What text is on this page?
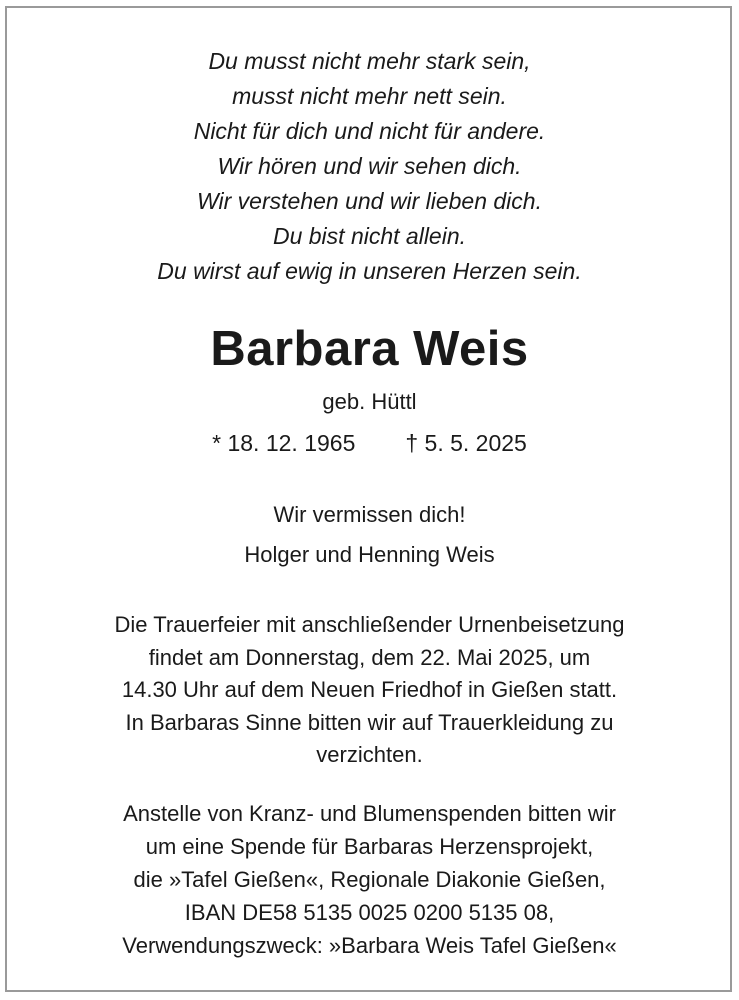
Du musst nicht mehr stark sein,
musst nicht mehr nett sein.
Nicht für dich und nicht für andere.
Wir hören und wir sehen dich.
Wir verstehen und wir lieben dich.
Du bist nicht allein.
Du wirst auf ewig in unseren Herzen sein.
Barbara Weis
geb. Hüttl
* 18. 12. 1965 † 5. 5. 2025
Wir vermissen dich!
Holger und Henning Weis
Die Trauerfeier mit anschließender Urnenbeisetzung
findet am Donnerstag, dem 22. Mai 2025, um
14.30 Uhr auf dem Neuen Friedhof in Gießen statt.
In Barbaras Sinne bitten wir auf Trauerkleidung zu
verzichten.
Anstelle von Kranz- und Blumenspenden bitten wir
um eine Spende für Barbaras Herzensprojekt,
die »Tafel Gießen«, Regionale Diakonie Gießen,
IBAN DE58 5135 0025 0200 5135 08,
Verwendungszweck: »Barbara Weis Tafel Gießen«
